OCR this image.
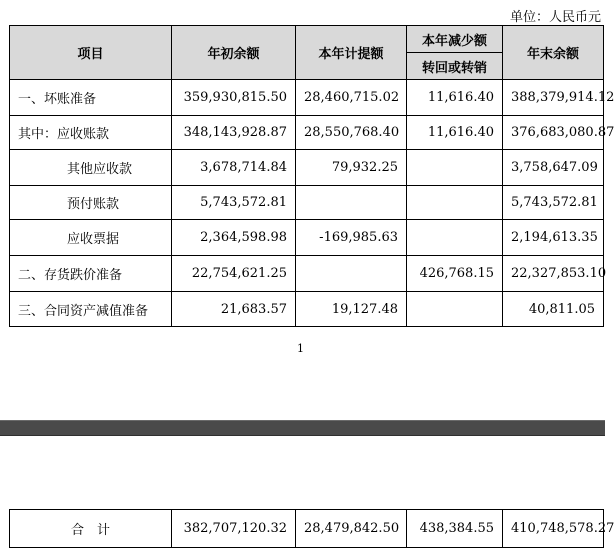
单位：人民币元
项目	年初余额	本年计提额	本年减少额	年末余额
			转回或转销	
一、坏账准备	359,930,815.50	28,460,715.02	11,616.40	388,379,914.12
其中：应收账款	348,143,928.87	28,550,768.40	11,616.40	376,683,080.87
其他应收款	3,678,714.84	79,932.25		3,758,647.09
预付账款	5,743,572.81			5,743,572.81
应收票据	2,364,598.98	-169,985.63		2,194,613.35
二、存货跌价准备	22,754,621.25		426,768.15	22,327,853.10
三、合同资产减值准备	21,683.57	19,127.48		40,811.05
1
合　计	382,707,120.32	28,479,842.50	438,384.55	410,748,578.27
